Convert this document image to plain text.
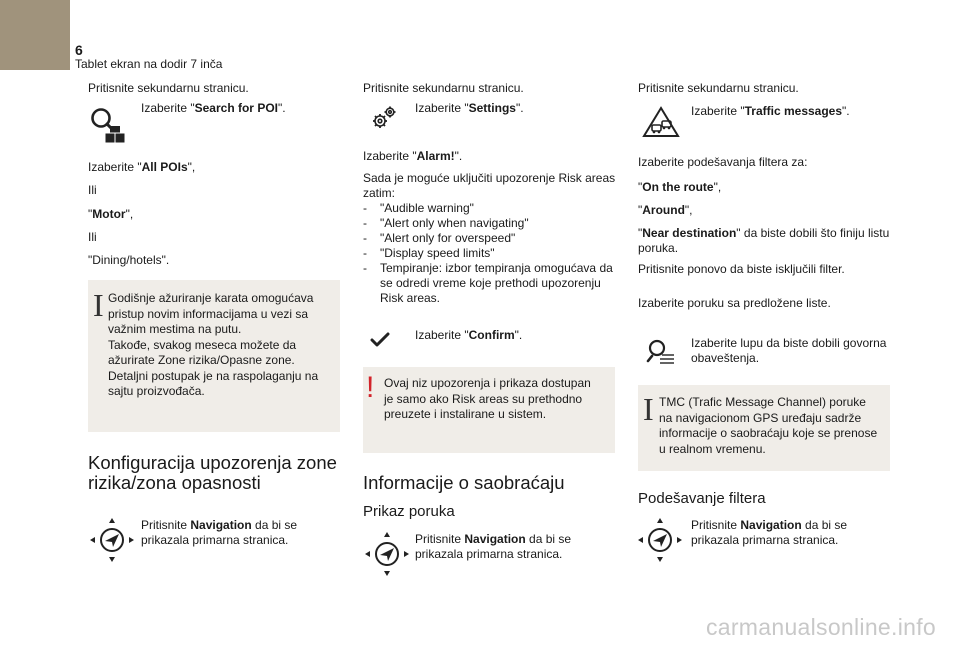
6
Tablet ekran na dodir 7 inča
Pritisnite sekundarnu stranicu.
Izaberite "Search for POI".
Izaberite "All POIs",
Ili
"Motor",
Ili
"Dining/hotels".
I Godišnje ažuriranje karata omogućava
pristup novim informacijama u vezi sa
važnim mestima na putu.
Takođe, svakog meseca možete da
ažurirate Zone rizika/Opasne zone.
Detaljni postupak je na raspolaganju na
sajtu proizvođača.
Konfiguracija upozorenja zone
rizika/zona opasnosti
Pritisnite Navigation da bi se
prikazala primarna stranica.
Pritisnite sekundarnu stranicu.
Izaberite "Settings".
Izaberite "Alarm!".
Sada je moguće uključiti upozorenje Risk areas
zatim:
- "Audible warning"
- "Alert only when navigating"
- "Alert only for overspeed"
- "Display speed limits"
- Tempiranje: izbor tempiranja omogućava da se odredi vreme koje prethodi upozorenju Risk areas.
Izaberite "Confirm".
! Ovaj niz upozorenja i prikaza dostupan
je samo ako Risk areas su prethodno
preuzete i instalirane u sistem.
Informacije o saobraćaju
Prikaz poruka
Pritisnite Navigation da bi se
prikazala primarna stranica.
Pritisnite sekundarnu stranicu.
Izaberite "Traffic messages".
Izaberite podešavanja filtera za:
"On the route",
"Around",
"Near destination" da biste dobili što finiju listu
poruka.
Pritisnite ponovo da biste isključili filter.
Izaberite poruku sa predložene liste.
Izaberite lupu da biste dobili govorna
obaveštenja.
I TMC (Trafic Message Channel) poruke
na navigacionom GPS uređaju sadrže
informacije o saobraćaju koje se prenose
u realnom vremenu.
Podešavanje filtera
Pritisnite Navigation da bi se
prikazala primarna stranica.
carmanualsonline.info
